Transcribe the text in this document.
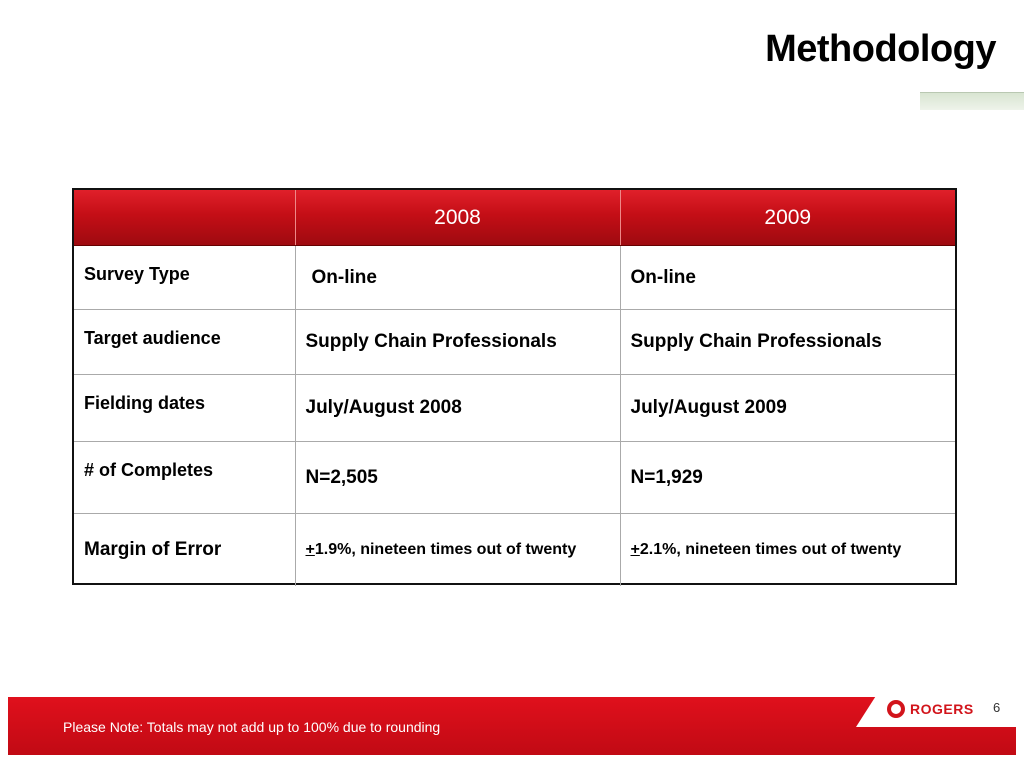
Methodology
	2008	2009
Survey Type	On-line	On-line
Target audience	Supply Chain Professionals	Supply Chain Professionals
Fielding dates	July/August 2008	July/August 2009
# of Completes	N=2,505	N=1,929
Margin of Error	+1.9%, nineteen times out of twenty	+2.1%, nineteen times out of twenty
Please Note: Totals may not add up to 100% due to rounding
ROGERS 6
